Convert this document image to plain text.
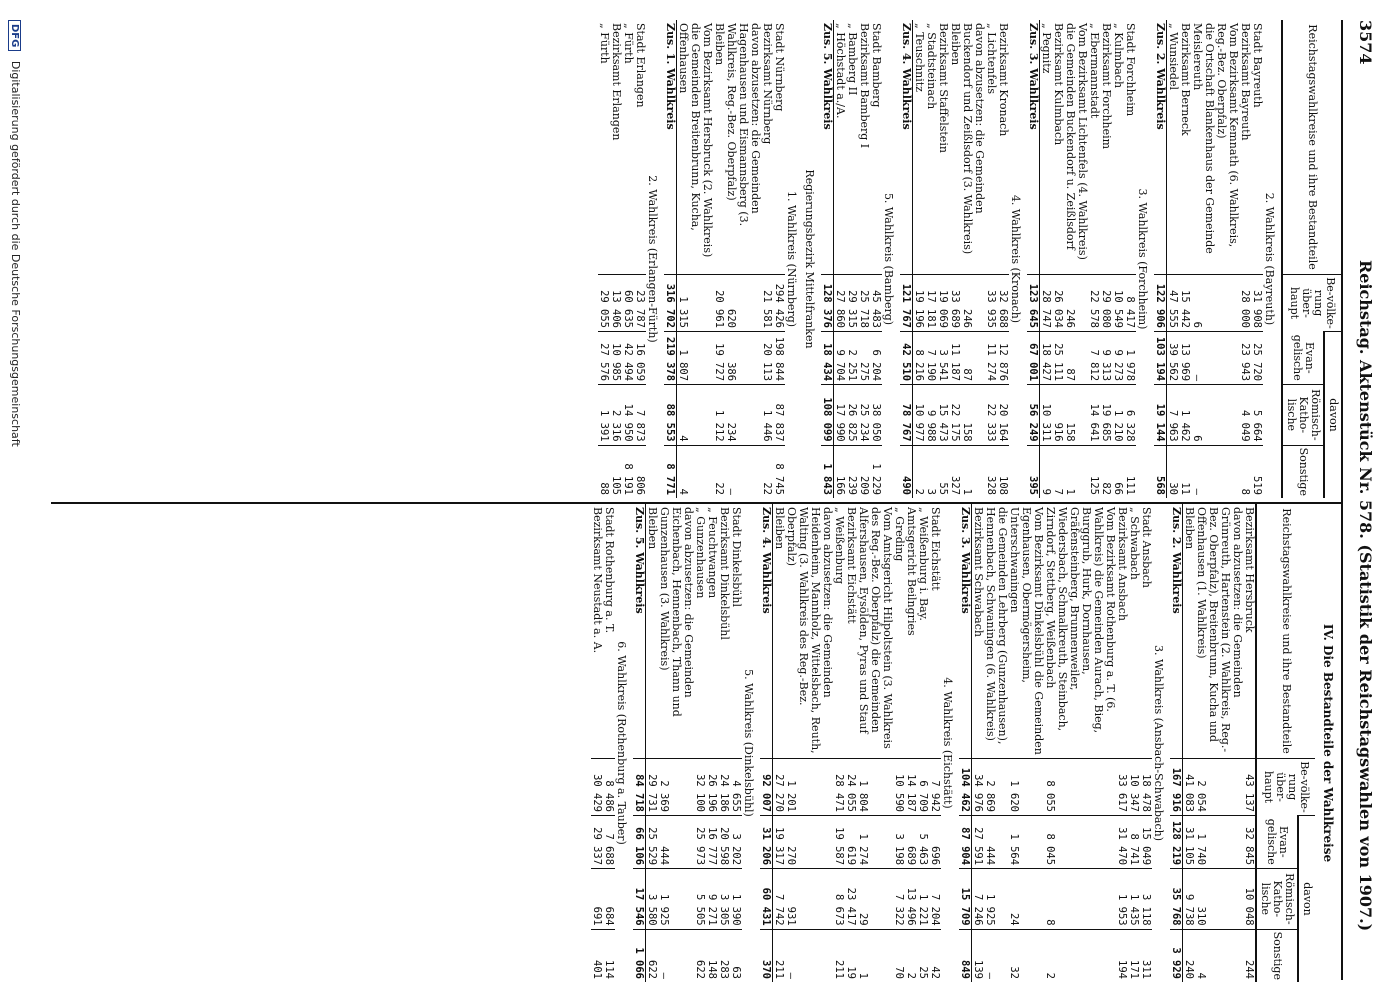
3574
Reichstag. Aktenstück Nr. 578. (Statistik der Reichstagswahlen von 1907.)
Reichstagswahlkreise und ihre Bestandteile	Be-völke-rung über-haupt	davon		
		Evan-gelische	Römisch-Katho-lische	Sonstige
2. Wahlkreis (Bayreuth)				
Stadt Bayreuth	31 908	25 720	5 664	519
Bezirksamt Bayreuth	28 000	23 943	4 049	8
Vom Bezirksamt Kemnath (6. Wahlkreis, Reg.-Bez. Oberpfalz)				
die Ortschaft Blankenhaus der Gemeinde Meislereuth	6	—	6	—
Bezirksamt Berneck	15 442	13 969	1 462	11
„ Wunsiedel	47 555	39 562	7 963	30
Zus. 2. Wahlkreis	122 906	103 194	19 144	568
3. Wahlkreis (Forchheim)				
Stadt Forchheim	8 417	1 978	6 328	111
„ Kulmbach	10 549	9 273	1 210	66
Bezirksamt Forchheim	29 080	9 313	19 685	82
„ Ebermannstadt	22 578	7 812	14 641	125
Vom Bezirksamt Lichtenfels (4. Wahlkreis)				
die Gemeinden Buckendorf u. Zeißlsdorf	246	87	158	1
Bezirksamt Kulmbach	26 034	25 111	916	7
„ Pegnitz	28 747	18 427	10 311	9
Zus. 3. Wahlkreis	123 645	67 001	56 249	395
4. Wahlkreis (Kronach)				
Bezirksamt Kronach	32 688	12 876	20 164	108
„ Lichtenfels	33 935	11 274	22 333	328
davon abzusetzen: die Gemeinden Buckendorf und Zeißlsdorf (3. Wahlkreis)	246	87	158	1
Bleiben	33 689	11 187	22 175	327
Bezirksamt Staffelstein	19 069	3 541	15 473	55
„ Stadtsteinach	17 181	7 190	9 988	3
„ Teuschnitz	19 196	8 216	10 977	2
Zus. 4. Wahlkreis	121 767	42 510	78 767	490
5. Wahlkreis (Bamberg)				
Stadt Bamberg	45 483	6 204	38 050	1 229
Bezirksamt Bamberg I	25 718	275	25 234	209
„ Bamberg II	29 315	2 251	26 825	239
„ Höchstadt a./A.	27 860	9 704	17 990	166
Zus. 5. Wahlkreis	128 376	18 434	108 099	1 843
Regierungsbezirk Mittelfranken				
1. Wahlkreis (Nürnberg)				
Stadt Nürnberg	294 426	198 844	87 837	8 745
Bezirksamt Nürnberg	21 581	20 113	1 446	22
davon abzusetzen: die Gemeinden Hagenhausen und Eismannsberg (3. Wahlkreis, Reg.-Bez. Oberpfalz)	620	386	234	—
Bleiben	20 961	19 727	1 212	22
Vom Bezirksamt Hersbruck (2. Wahlkreis) die Gemeinden Breitenbrunn, Kucha, Offenhausen	1 315	1 807	4	4
Zus. 1. Wahlkreis	316 702	219 378	88 553	8 771
2. Wahlkreis (Erlangen-Fürth)				
Stadt Erlangen	23 787	16 059	7 873	806
„ Fürth	60 635	42 494	14 950	8 191
Bezirksamt Erlangen	13 406	10 985	2 316	105
„ Fürth	29 055	27 576	1 391	88
IV. Die Bestandteile der Wahlkreise
Reichstagswahlkreise und ihre Bestandteile	Be-völke-rung über-haupt	davon		
		Evan-gelische	Römisch-Katho-lische	Sonstige
Bezirksamt Hersbruck	43 137	32 845	10 048	244
davon abzusetzen: die Gemeinden Grünreuth, Hartenstein (2. Wahlkreis, Reg.-Bez. Oberpfalz), Breitenbrunn, Kucha und Offenhausen (1. Wahlkreis)	2 054	1 740	310	4
Bleiben	41 083	31 105	9 738	240
Zus. 2. Wahlkreis	167 916	128 219	35 768	3 929
3. Wahlkreis (Ansbach-Schwabach)				
Stadt Ansbach	18 478	15 049	3 118	311
„ Schwabach	10 347	8 741	1 435	171
Bezirksamt Ansbach	33 617	31 470	1 953	194
Vom Bezirksamt Rothenburg a. T. (6. Wahlkreis) die Gemeinden Aurach, Bieg, Burggrub, Hurk, Dornhausen, Gräfensteinberg, Brunnenweiler, Wiedersbach, Schmalkreuth, Steinbach, Zirndorf, Stettberg, Weißenbach	8 055	8 045	8	2
Vom Bezirksamt Dinkelsbühl die Gemeinden Egenhausen, Obermögersheim, Unterschwaningen	1 620	1 564	24	32
die Gemeinden Lehrberg (Gunzenhausen), Hennenbach, Schwaningen (6. Wahlkreis)	2 869	444	1 925	—
Bezirksamt Schwabach	34 976	27 591	7 246	139
Zus. 3. Wahlkreis	104 462	87 904	15 709	849
4. Wahlkreis (Eichstätt)				
Stadt Eichstätt	7 942	696	7 204	42
„ Weißenburg i. Bay.	6 709	5 463	1 221	25
Amtsgericht Beilngries	14 187	689	13 496	2
„ Greding	10 590	3 198	7 322	70
Vom Amtsgericht Hilpoltstein (3. Wahlkreis des Reg.-Bez. Oberpfalz) die Gemeinden Alfershausen, Eysölden, Pyras und Stauf	1 804	1 274	29	1
Bezirksamt Eichstätt	24 055	619	23 417	19
„ Weißenburg	28 471	19 587	8 673	211
davon abzusetzen: die Gemeinden Heidenheim, Mannholz, Wittelsbach, Reuth, Walting (3. Wahlkreis des Reg.-Bez. Oberpfalz)	1 201	270	931	—
Bleiben	27 270	19 317	7 742	211
Zus. 4. Wahlkreis	92 007	31 206	60 431	370
5. Wahlkreis (Dinkelsbühl)				
Stadt Dinkelsbühl	4 655	3 202	1 390	63
Bezirksamt Dinkelsbühl	24 186	20 598	3 305	283
„ Feuchtwangen	26 196	16 777	9 271	148
„ Gunzenhausen	32 100	25 973	5 505	622
davon abzusetzen: die Gemeinden Eichenbach, Hennenbach, Thann und Gunzenhausen (3. Wahlkreis)	2 369	444	1 925	—
Bleiben	29 731	25 529	3 580	622
Zus. 5. Wahlkreis	84 718	66 106	17 546	1 066
6. Wahlkreis (Rothenburg a. Tauber)				
Stadt Rothenburg a. T.	8 486	7 688	684	114
Bezirksamt Neustadt a. A.	30 429	29 337	691	401
DFG Digitalisierung gefördert durch die Deutsche Forschungsgemeinschaft
